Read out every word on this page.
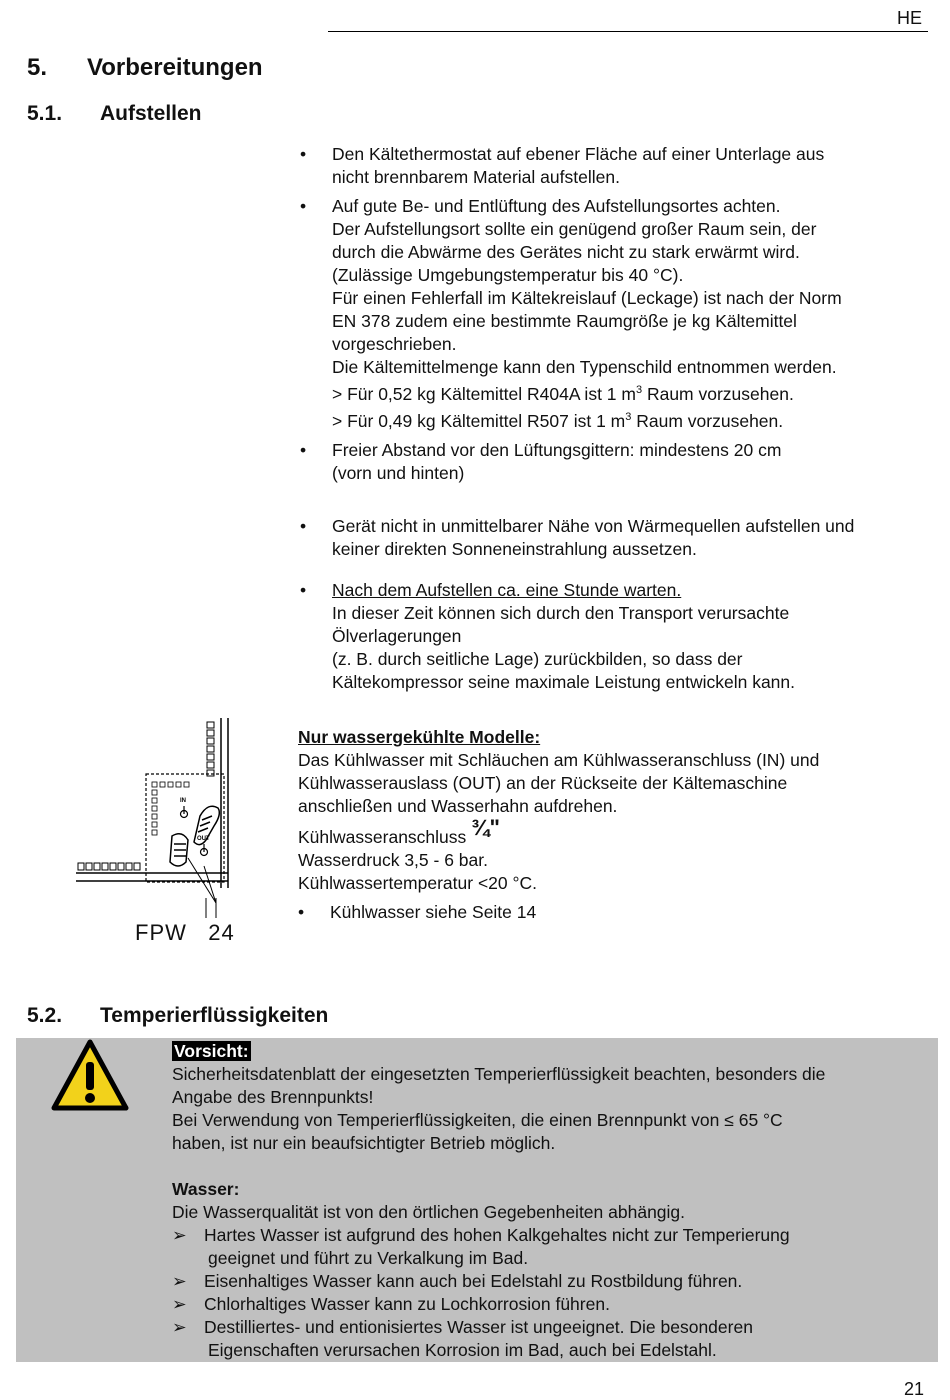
HE
5. Vorbereitungen
5.1. Aufstellen
• Den Kältethermostat auf ebener Fläche auf einer Unterlage aus
nicht brennbarem Material aufstellen.
• Auf gute Be- und Entlüftung des Aufstellungsortes achten.
Der Aufstellungsort sollte ein genügend großer Raum sein, der
durch die Abwärme des Gerätes nicht zu stark erwärmt wird.
(Zulässige Umgebungstemperatur bis 40 °C).
Für einen Fehlerfall im Kältekreislauf (Leckage) ist nach der Norm
EN 378 zudem eine bestimmte Raumgröße je kg Kältemittel
vorgeschrieben.
Die Kältemittelmenge kann den Typenschild entnommen werden.
> Für 0,52 kg Kältemittel R404A ist 1 $m^3$ Raum vorzusehen.
> Für 0,49 kg Kältemittel R507 ist 1 $m^3$ Raum vorzusehen.
• Freier Abstand vor den Lüftungsgittern: mindestens 20 cm
(vorn und hinten)
• Gerät nicht in unmittelbarer Nähe von Wärmequellen aufstellen und
keiner direkten Sonneneinstrahlung aussetzen.
• Nach dem Aufstellen ca. eine Stunde warten.
In dieser Zeit können sich durch den Transport verursachte
Ölverlagerungen
(z. B. durch seitliche Lage) zurückbilden, so dass der
Kältekompressor seine maximale Leistung entwickeln kann.
IN
OUT
FPW   24
Nur wassergekühlte Modelle:
Das Kühlwasser mit Schläuchen am Kühlwasseranschluss (IN) und
Kühlwasserauslass (OUT) an der Rückseite der Kältemaschine
anschließen und Wasserhahn aufdrehen.
Kühlwasseranschluss ¾"
Wasserdruck 3,5 - 6 bar.
Kühlwassertemperatur <20 °C.
• Kühlwasser siehe Seite 14
5.2. Temperierflüssigkeiten
Vorsicht:
Sicherheitsdatenblatt der eingesetzten Temperierflüssigkeit beachten, besonders die
Angabe des Brennpunkts!
Bei Verwendung von Temperierflüssigkeiten, die einen Brennpunkt von ≤ 65 °C
haben, ist nur ein beaufsichtigter Betrieb möglich.
Wasser:
Die Wasserqualität ist von den örtlichen Gegebenheiten abhängig.
➢ Hartes Wasser ist aufgrund des hohen Kalkgehaltes nicht zur Temperierung
geeignet und führt zu Verkalkung im Bad.
➢ Eisenhaltiges Wasser kann auch bei Edelstahl zu Rostbildung führen.
➢ Chlorhaltiges Wasser kann zu Lochkorrosion führen.
➢ Destilliertes- und entionisiertes Wasser ist ungeeignet. Die besonderen
Eigenschaften verursachen Korrosion im Bad, auch bei Edelstahl.
21
